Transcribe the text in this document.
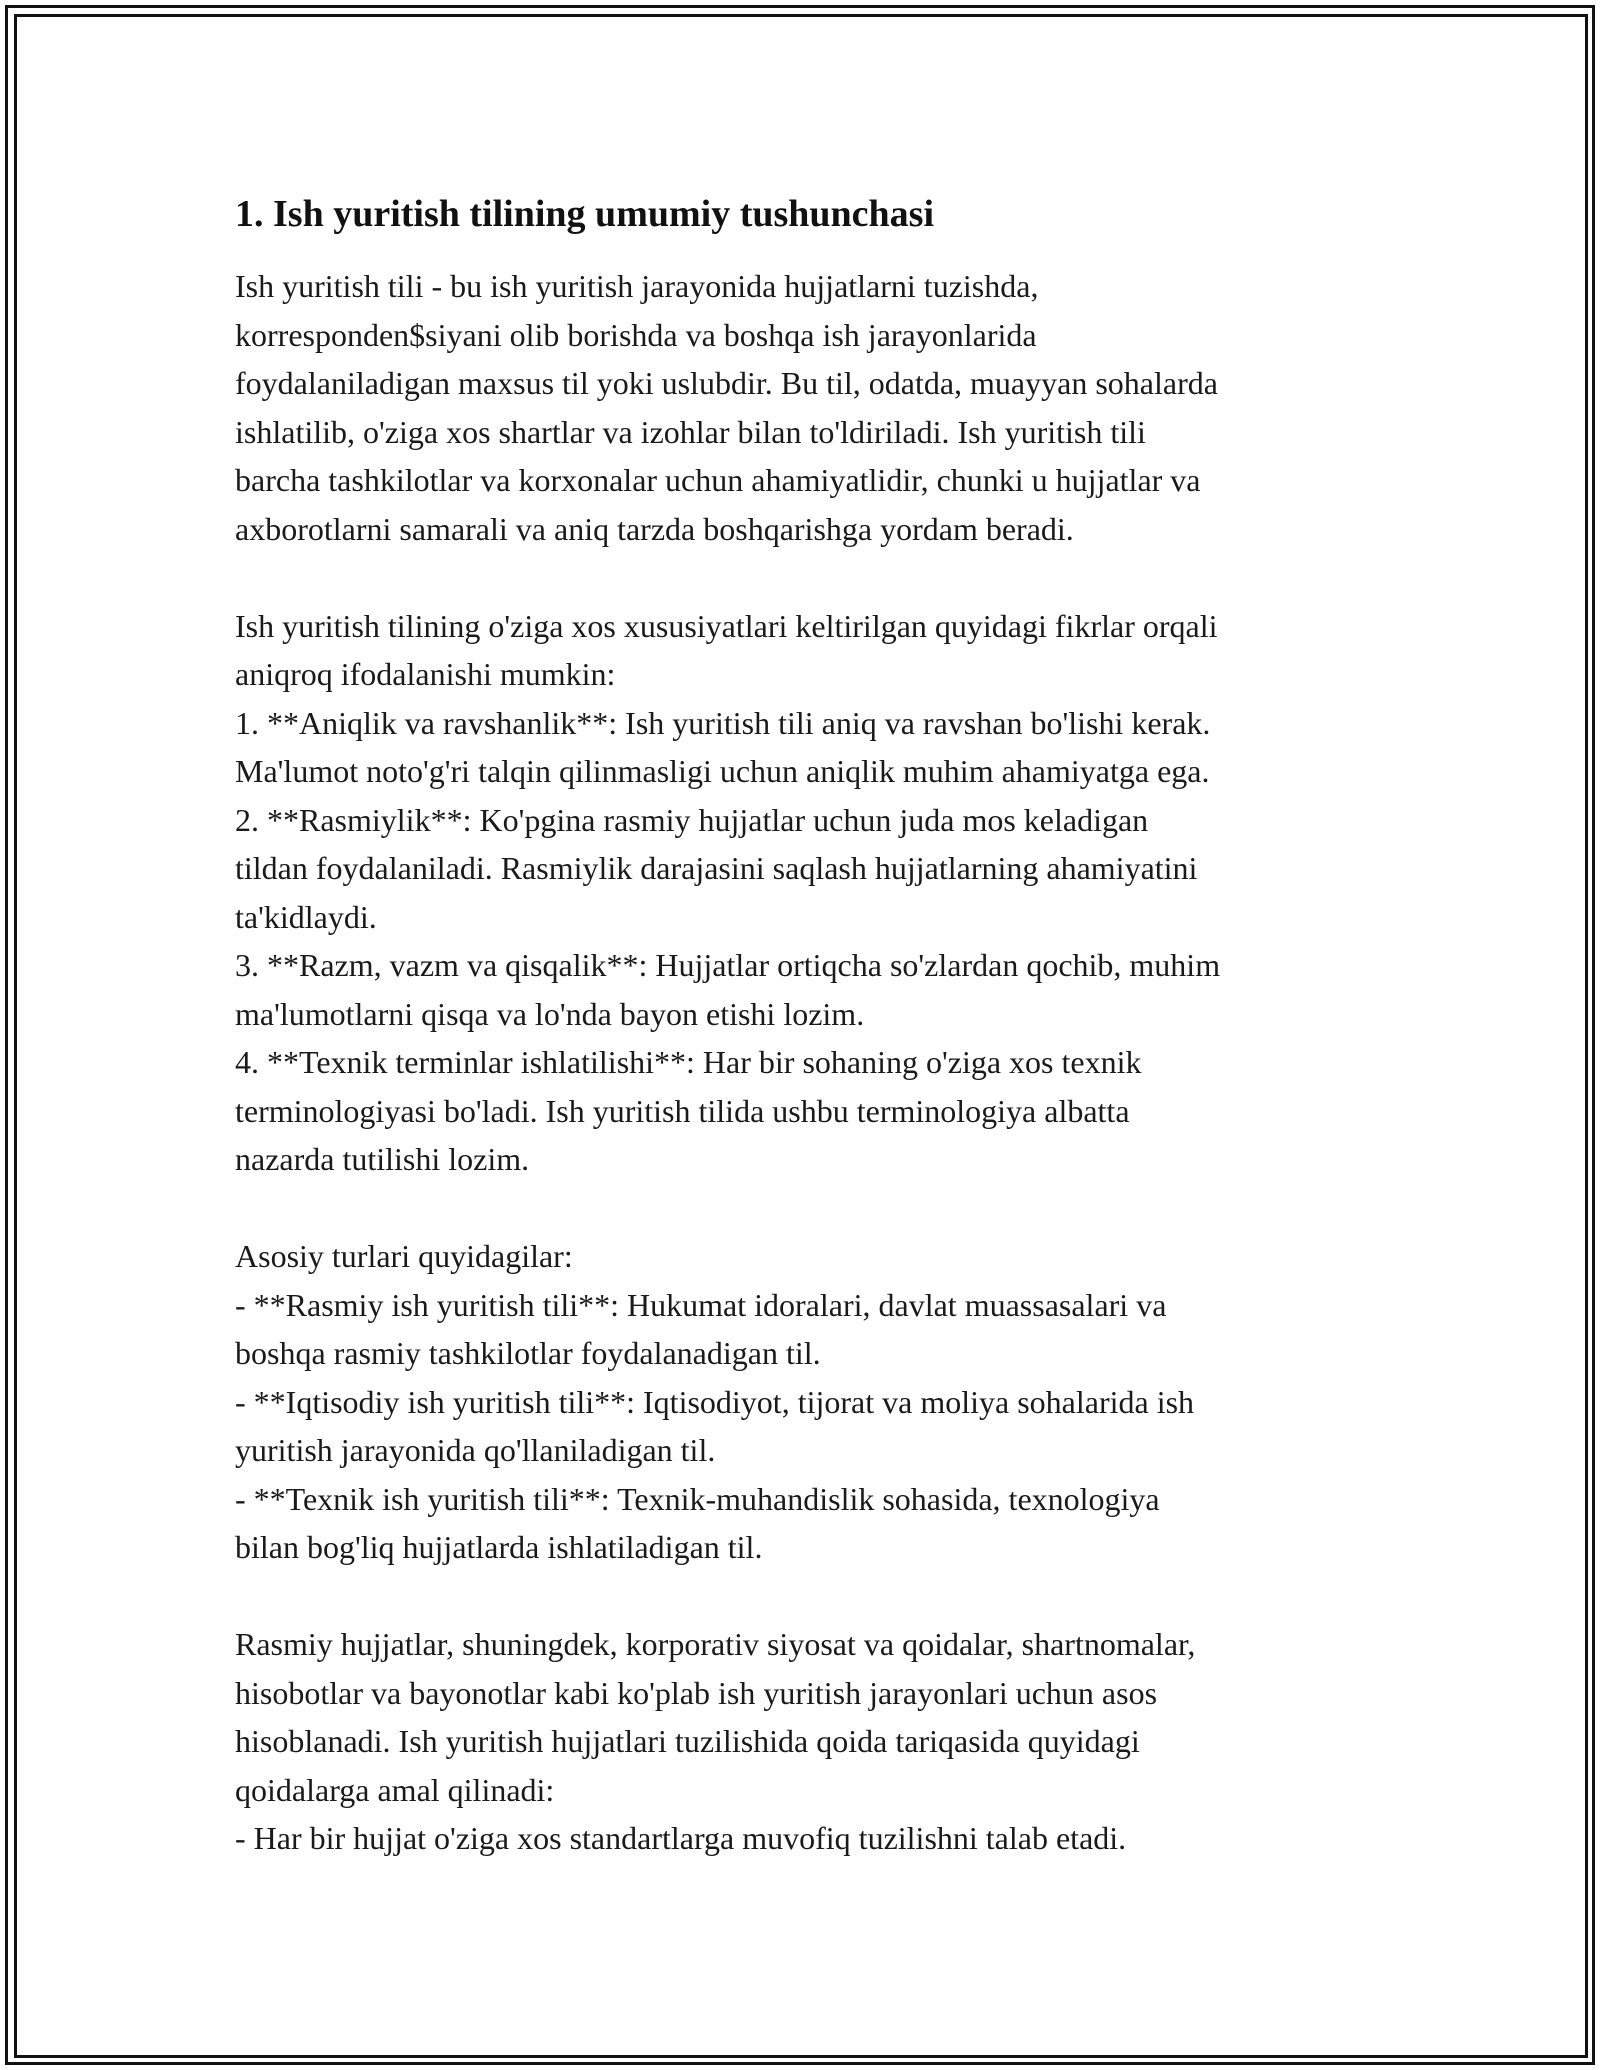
1. Ish yuritish tilining umumiy tushunchasi
Ish yuritish tili - bu ish yuritish jarayonida hujjatlarni tuzishda,
korresponden$siyani olib borishda va boshqa ish jarayonlarida
foydalaniladigan maxsus til yoki uslubdir. Bu til, odatda, muayyan sohalarda
ishlatilib, o'ziga xos shartlar va izohlar bilan to'ldiriladi. Ish yuritish tili
barcha tashkilotlar va korxonalar uchun ahamiyatlidir, chunki u hujjatlar va
axborotlarni samarali va aniq tarzda boshqarishga yordam beradi.
Ish yuritish tilining o'ziga xos xususiyatlari keltirilgan quyidagi fikrlar orqali
aniqroq ifodalanishi mumkin:
1. **Aniqlik va ravshanlik**: Ish yuritish tili aniq va ravshan bo'lishi kerak.
Ma'lumot noto'g'ri talqin qilinmasligi uchun aniqlik muhim ahamiyatga ega.
2. **Rasmiylik**: Ko'pgina rasmiy hujjatlar uchun juda mos keladigan
tildan foydalaniladi. Rasmiylik darajasini saqlash hujjatlarning ahamiyatini
ta'kidlaydi.
3. **Razm, vazm va qisqalik**: Hujjatlar ortiqcha so'zlardan qochib, muhim
ma'lumotlarni qisqa va lo'nda bayon etishi lozim.
4. **Texnik terminlar ishlatilishi**: Har bir sohaning o'ziga xos texnik
terminologiyasi bo'ladi. Ish yuritish tilida ushbu terminologiya albatta
nazarda tutilishi lozim.
Asosiy turlari quyidagilar:
- **Rasmiy ish yuritish tili**: Hukumat idoralari, davlat muassasalari va
boshqa rasmiy tashkilotlar foydalanadigan til.
- **Iqtisodiy ish yuritish tili**: Iqtisodiyot, tijorat va moliya sohalarida ish
yuritish jarayonida qo'llaniladigan til.
- **Texnik ish yuritish tili**: Texnik-muhandislik sohasida, texnologiya
bilan bog'liq hujjatlarda ishlatiladigan til.
Rasmiy hujjatlar, shuningdek, korporativ siyosat va qoidalar, shartnomalar,
hisobotlar va bayonotlar kabi ko'plab ish yuritish jarayonlari uchun asos
hisoblanadi. Ish yuritish hujjatlari tuzilishida qoida tariqasida quyidagi
qoidalarga amal qilinadi:
- Har bir hujjat o'ziga xos standartlarga muvofiq tuzilishni talab etadi.
